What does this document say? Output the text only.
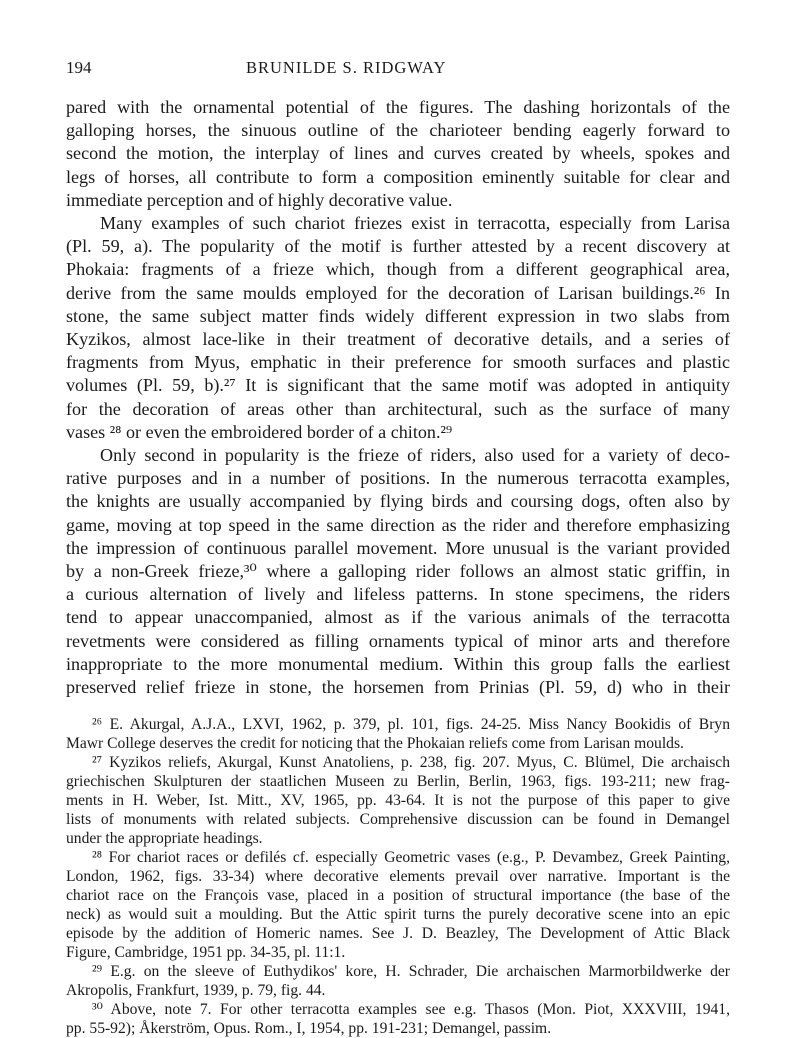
194	BRUNILDE S. RIDGWAY

pared with the ornamental potential of the figures. The dashing horizontals of the
galloping horses, the sinuous outline of the charioteer bending eagerly forward to
second the motion, the interplay of lines and curves created by wheels, spokes and
legs of horses, all contribute to form a composition eminently suitable for clear and
immediate perception and of highly decorative value.

Many examples of such chariot friezes exist in terracotta, especially from Larisa
(Pl. 59, a). The popularity of the motif is further attested by a recent discovery at
Phokaia: fragments of a frieze which, though from a different geographical area,
derive from the same moulds employed for the decoration of Larisan buildings.²⁶ In
stone, the same subject matter finds widely different expression in two slabs from
Kyzikos, almost lace-like in their treatment of decorative details, and a series of
fragments from Myus, emphatic in their preference for smooth surfaces and plastic
volumes (Pl. 59, b).²⁷ It is significant that the same motif was adopted in antiquity
for the decoration of areas other than architectural, such as the surface of many
vases ²⁸ or even the embroidered border of a chiton.²⁹

Only second in popularity is the frieze of riders, also used for a variety of deco-
rative purposes and in a number of positions. In the numerous terracotta examples,
the knights are usually accompanied by flying birds and coursing dogs, often also by
game, moving at top speed in the same direction as the rider and therefore emphasizing
the impression of continuous parallel movement. More unusual is the variant provided
by a non-Greek frieze,³⁰ where a galloping rider follows an almost static griffin, in
a curious alternation of lively and lifeless patterns. In stone specimens, the riders
tend to appear unaccompanied, almost as if the various animals of the terracotta
revetments were considered as filling ornaments typical of minor arts and therefore
inappropriate to the more monumental medium. Within this group falls the earliest
preserved relief frieze in stone, the horsemen from Prinias (Pl. 59, d) who in their

²⁶ E. Akurgal, A.J.A., LXVI, 1962, p. 379, pl. 101, figs. 24-25. Miss Nancy Bookidis of Bryn
Mawr College deserves the credit for noticing that the Phokaian reliefs come from Larisan moulds.

²⁷ Kyzikos reliefs, Akurgal, Kunst Anatoliens, p. 238, fig. 207. Myus, C. Blümel, Die archaisch
griechischen Skulpturen der staatlichen Museen zu Berlin, Berlin, 1963, figs. 193-211; new frag-
ments in H. Weber, Ist. Mitt., XV, 1965, pp. 43-64. It is not the purpose of this paper to give
lists of monuments with related subjects. Comprehensive discussion can be found in Demangel
under the appropriate headings.

²⁸ For chariot races or defilés cf. especially Geometric vases (e.g., P. Devambez, Greek Painting,
London, 1962, figs. 33-34) where decorative elements prevail over narrative. Important is the
chariot race on the François vase, placed in a position of structural importance (the base of the
neck) as would suit a moulding. But the Attic spirit turns the purely decorative scene into an epic
episode by the addition of Homeric names. See J. D. Beazley, The Development of Attic Black
Figure, Cambridge, 1951 pp. 34-35, pl. 11:1.

²⁹ E.g. on the sleeve of Euthydikos' kore, H. Schrader, Die archaischen Marmorbildwerke der
Akropolis, Frankfurt, 1939, p. 79, fig. 44.

³⁰ Above, note 7. For other terracotta examples see e.g. Thasos (Mon. Piot, XXXVIII, 1941,
pp. 55-92); Åkerström, Opus. Rom., I, 1954, pp. 191-231; Demangel, passim.
